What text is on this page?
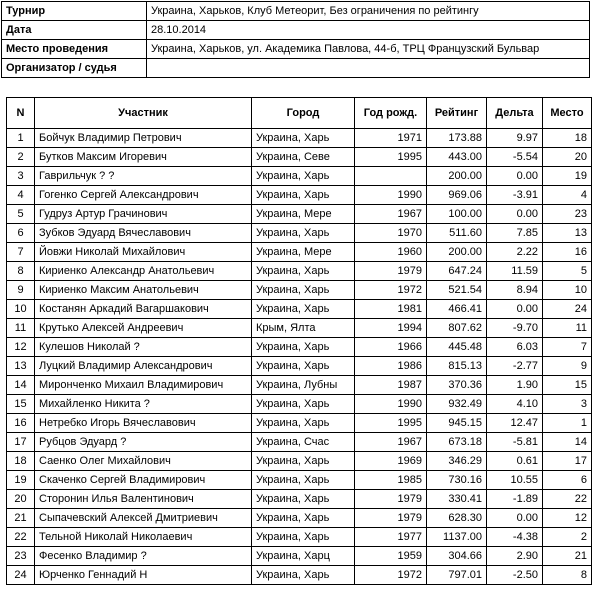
Турнир	Украина, Харьков, Клуб Метеорит, Без ограничения по рейтингу
Дата	28.10.2014
Место проведения	Украина, Харьков, ул. Академика Павлова, 44-б, ТРЦ Французский Бульвар
Организатор / судья	
N	Участник	Город	Год рожд.	Рейтинг	Дельта	Место
1	Бойчук Владимир Петрович	Украина, Харь	1971	173.88	9.97	18
2	Бутков Максим Игоревич	Украина, Севе	1995	443.00	-5.54	20
3	Гаврильчук ? ?	Украина, Харь		200.00	0.00	19
4	Гогенко Сергей Александрович	Украина, Харь	1990	969.06	-3.91	4
5	Гудруз Артур Грачинович	Украина, Мере	1967	100.00	0.00	23
6	Зубков Эдуард Вячеславович	Украина, Харь	1970	511.60	7.85	13
7	Йовжи Николай Михайлович	Украина, Мере	1960	200.00	2.22	16
8	Кириенко Александр Анатольевич	Украина, Харь	1979	647.24	11.59	5
9	Кириенко Максим Анатольевич	Украина, Харь	1972	521.54	8.94	10
10	Костанян Аркадий Вагаршакович	Украина, Харь	1981	466.41	0.00	24
11	Крутько Алексей Андреевич	Крым, Ялта	1994	807.62	-9.70	11
12	Кулешов Николай ?	Украина, Харь	1966	445.48	6.03	7
13	Луцкий Владимир Александрович	Украина, Харь	1986	815.13	-2.77	9
14	Миронченко Михаил Владимирович	Украина, Лубны	1987	370.36	1.90	15
15	Михайленко Никита ?	Украина, Харь	1990	932.49	4.10	3
16	Нетребко Игорь Вячеславович	Украина, Харь	1995	945.15	12.47	1
17	Рубцов Эдуард ?	Украина, Счас	1967	673.18	-5.81	14
18	Саенко Олег Михайлович	Украина, Харь	1969	346.29	0.61	17
19	Скаченко Сергей Владимирович	Украина, Харь	1985	730.16	10.55	6
20	Сторонин Илья Валентинович	Украина, Харь	1979	330.41	-1.89	22
21	Сыпачевский Алексей Дмитриевич	Украина, Харь	1979	628.30	0.00	12
22	Тельной Николай Николаевич	Украина, Харь	1977	1137.00	-4.38	2
23	Фесенко Владимир ?	Украина, Харц	1959	304.66	2.90	21
24	Юрченко Геннадий Н	Украина, Харь	1972	797.01	-2.50	8
